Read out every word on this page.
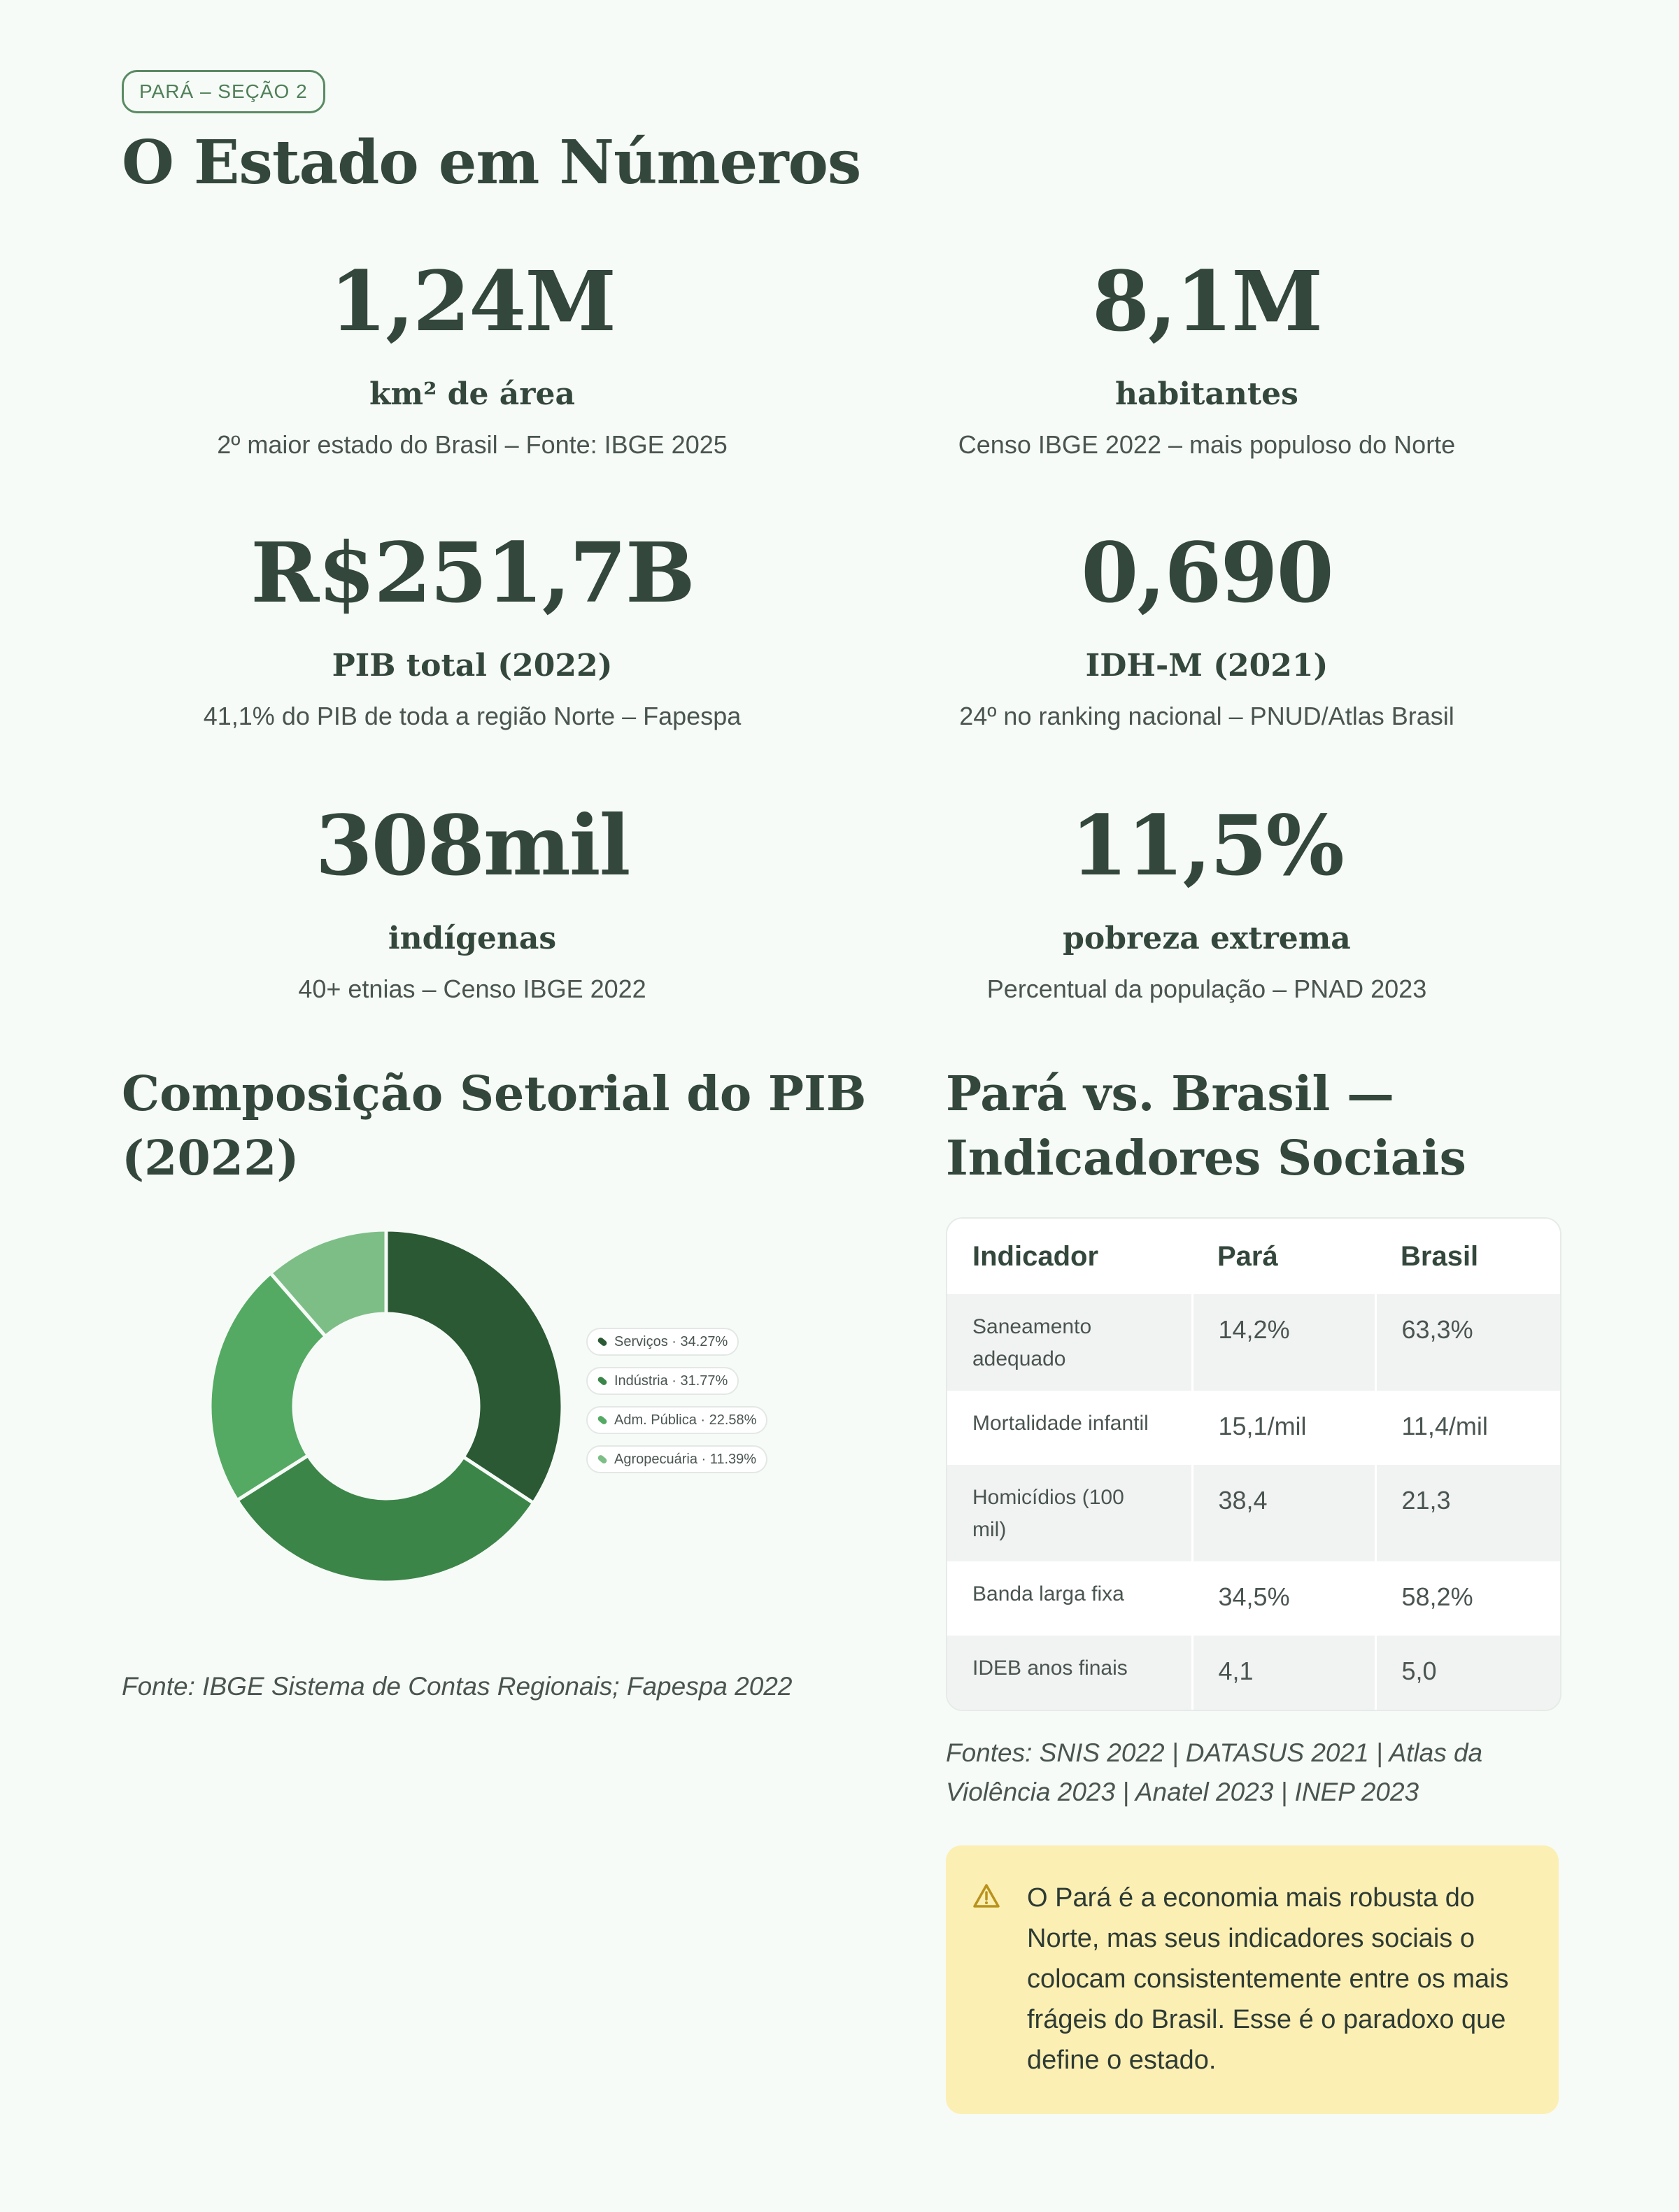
PARÁ – SEÇÃO 2
O Estado em Números
1,24M
km² de área
2º maior estado do Brasil – Fonte: IBGE 2025
8,1M
habitantes
Censo IBGE 2022 – mais populoso do Norte
R$251,7B
PIB total (2022)
41,1% do PIB de toda a região Norte – Fapespa
0,690
IDH-M (2021)
24º no ranking nacional – PNUD/Atlas Brasil
308mil
indígenas
40+ etnias – Censo IBGE 2022
11,5%
pobreza extrema
Percentual da população – PNAD 2023
Composição Setorial do PIB
(2022)
Serviços · 34.27%
Indústria · 31.77%
Adm. Pública · 22.58%
Agropecuária · 11.39%
Fonte: IBGE Sistema de Contas Regionais; Fapespa 2022
Pará vs. Brasil —
Indicadores Sociais
Indicador	Pará	Brasil
Saneamento
adequado	14,2%	63,3%
Mortalidade infantil	15,1/mil	11,4/mil
Homicídios (100
mil)	38,4	21,3
Banda larga fixa	34,5%	58,2%
IDEB anos finais	4,1	5,0
Fontes: SNIS 2022 | DATASUS 2021 | Atlas da
Violência 2023 | Anatel 2023 | INEP 2023
O Pará é a economia mais robusta do
Norte, mas seus indicadores sociais o
colocam consistentemente entre os mais
frágeis do Brasil. Esse é o paradoxo que
define o estado.
